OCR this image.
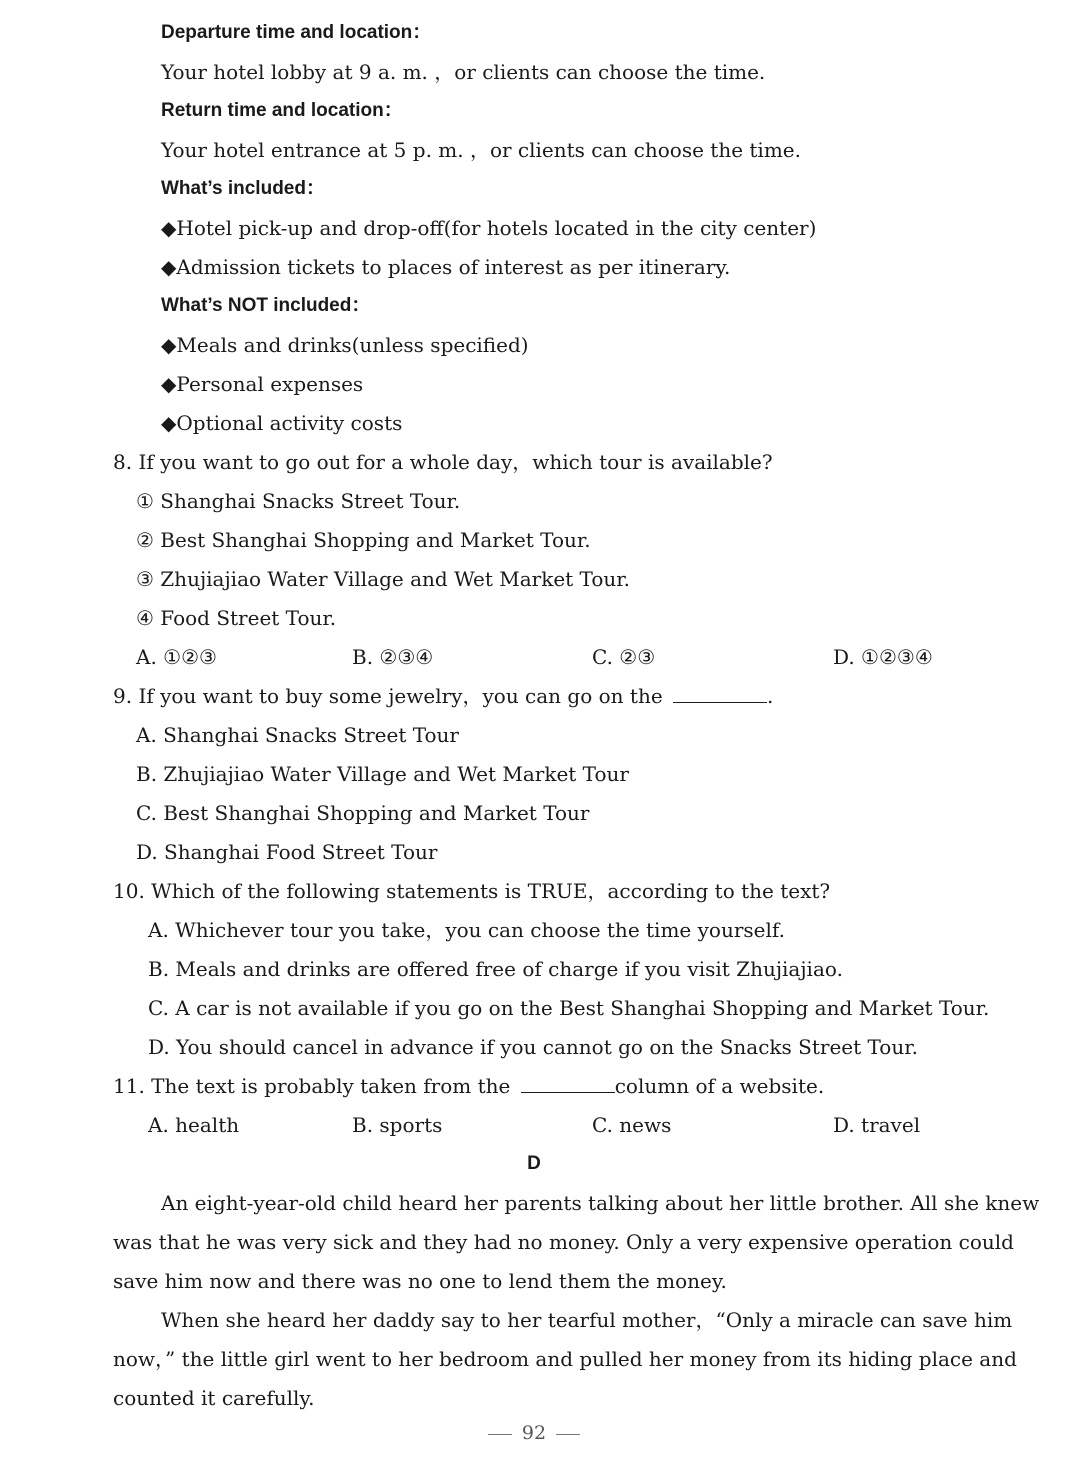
Departure time and location：
Your hotel lobby at 9 a. m. ，or clients can choose the time.
Return time and location：
Your hotel entrance at 5 p. m. ，or clients can choose the time.
What’s included：
◆Hotel pick-up and drop-off(for hotels located in the city center)
◆Admission tickets to places of interest as per itinerary.
What’s NOT included：
◆Meals and drinks(unless specified)
◆Personal expenses
◆Optional activity costs
8. If you want to go out for a whole day，which tour is available?
① Shanghai Snacks Street Tour.
② Best Shanghai Shopping and Market Tour.
③ Zhujiajiao Water Village and Wet Market Tour.
④ Food Street Tour.
A. ①②③	B. ②③④	C. ②③	D. ①②③④
9. If you want to buy some jewelry，you can go on the	.
A. Shanghai Snacks Street Tour
B. Zhujiajiao Water Village and Wet Market Tour
C. Best Shanghai Shopping and Market Tour
D. Shanghai Food Street Tour
10. Which of the following statements is TRUE，according to the text?
A. Whichever tour you take，you can choose the time yourself.
B. Meals and drinks are offered free of charge if you visit Zhujiajiao.
C. A car is not available if you go on the Best Shanghai Shopping and Market Tour.
D. You should cancel in advance if you cannot go on the Snacks Street Tour.
11. The text is probably taken from the	column of a website.
A. health	B. sports	C. news	D. travel
D
An eight-year-old child heard her parents talking about her little brother. All she knew
was that he was very sick and they had no money. Only a very expensive operation could
save him now and there was no one to lend them the money.
When she heard her daddy say to her tearful mother，“Only a miracle can save him
now，” the little girl went to her bedroom and pulled her money from its hiding place and
counted it carefully.
92
